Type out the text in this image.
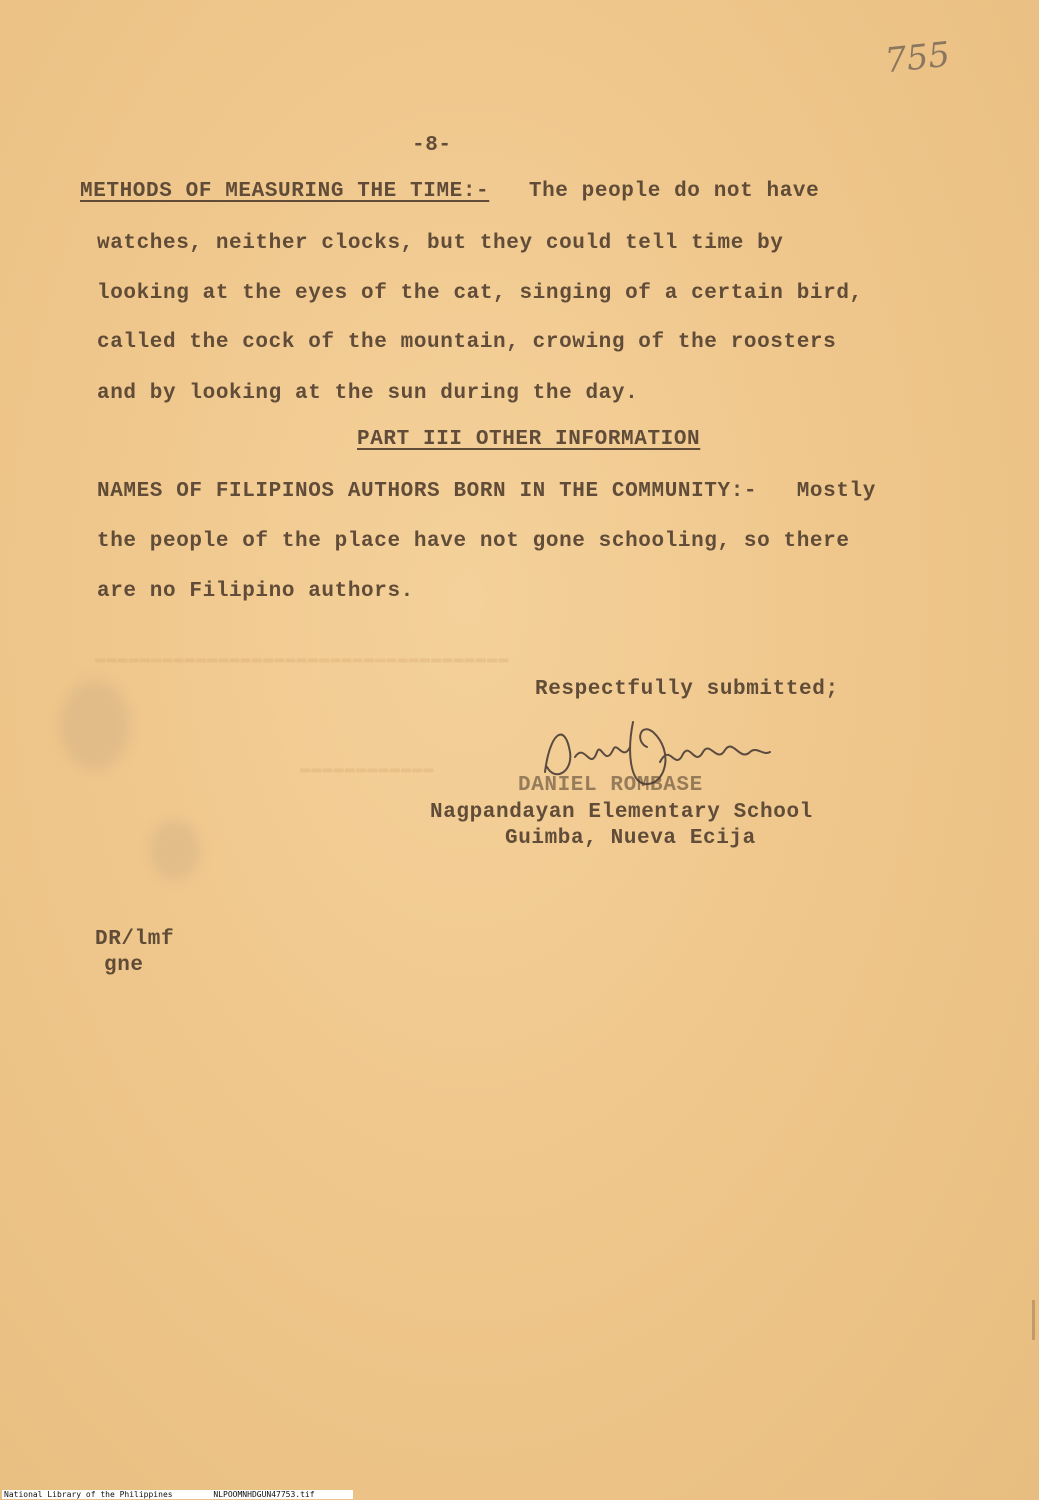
755
-8-
METHODS OF MEASURING THE TIME:- The people do not have
watches, neither clocks, but they could tell time by
looking at the eyes of the cat, singing of a certain bird,
called the cock of the mountain, crowing of the roosters
and by looking at the sun during the day.
PART III OTHER INFORMATION
NAMES OF FILIPINOS AUTHORS BORN IN THE COMMUNITY:- Mostly
the people of the place have not gone schooling, so there
are no Filipino authors.
▬▬▬▬▬▬▬▬▬▬▬▬▬▬▬▬▬▬▬▬▬▬▬▬▬▬▬▬▬▬▬▬▬▬▬▬▬
▬▬▬▬▬▬▬▬▬▬▬▬
Respectfully submitted;
DANIEL ROMBASE
Nagpandayan Elementary School
Guimba, Nueva Ecija
DR/lmf
gne
National Library of the Philippines	NLPOOMNHDGUN47753.tif
